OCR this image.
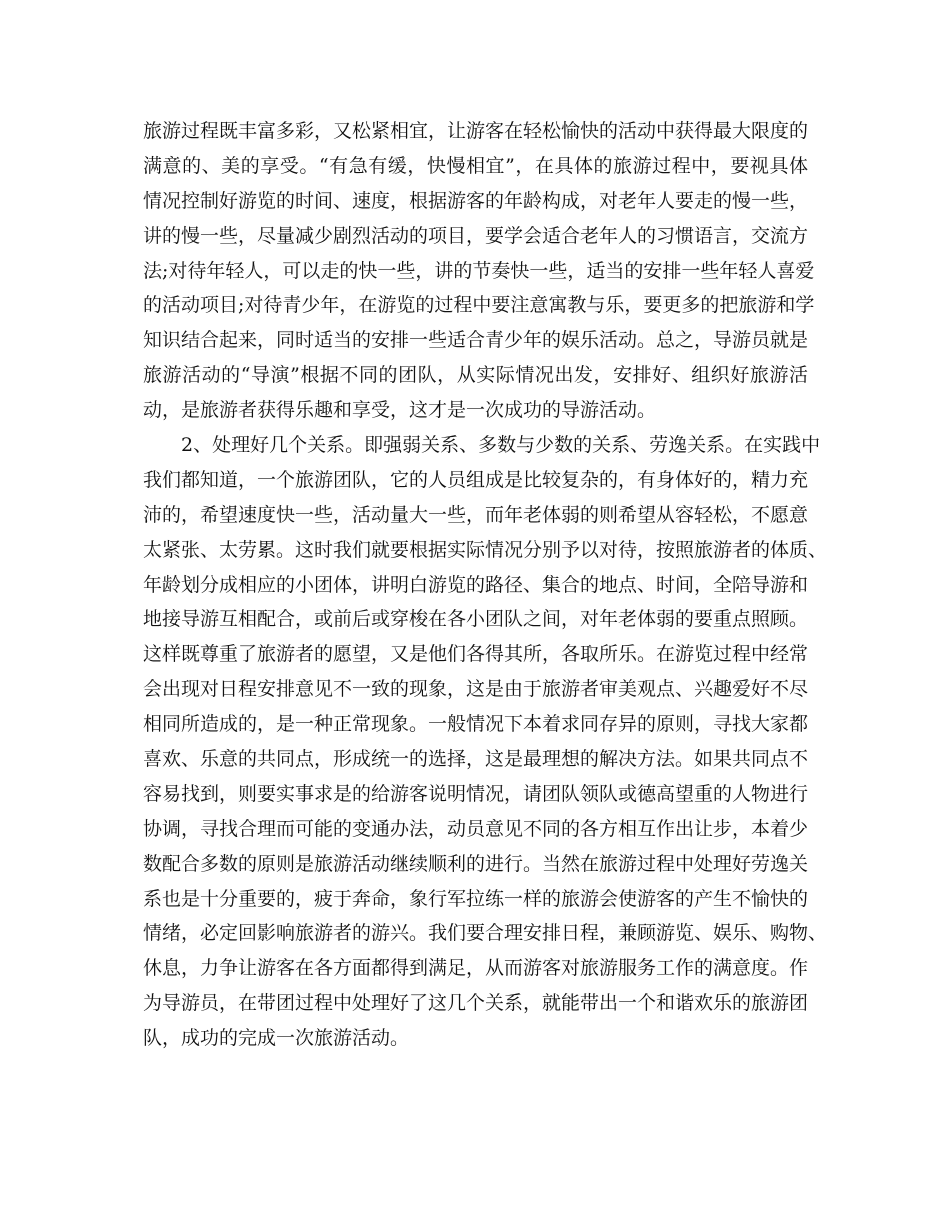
旅游过程既丰富多彩，又松紧相宜，让游客在轻松愉快的活动中获得最大限度的
满意的、美的享受。“有急有缓，快慢相宜”，在具体的旅游过程中，要视具体
情况控制好游览的时间、速度，根据游客的年龄构成，对老年人要走的慢一些，
讲的慢一些，尽量减少剧烈活动的项目，要学会适合老年人的习惯语言，交流方
法;对待年轻人，可以走的快一些，讲的节奏快一些，适当的安排一些年轻人喜爱
的活动项目;对待青少年，在游览的过程中要注意寓教与乐，要更多的把旅游和学
知识结合起来，同时适当的安排一些适合青少年的娱乐活动。总之，导游员就是
旅游活动的“导演”根据不同的团队，从实际情况出发，安排好、组织好旅游活
动，是旅游者获得乐趣和享受，这才是一次成功的导游活动。
2、处理好几个关系。即强弱关系、多数与少数的关系、劳逸关系。在实践中
我们都知道，一个旅游团队，它的人员组成是比较复杂的，有身体好的，精力充
沛的，希望速度快一些，活动量大一些，而年老体弱的则希望从容轻松，不愿意
太紧张、太劳累。这时我们就要根据实际情况分别予以对待，按照旅游者的体质、
年龄划分成相应的小团体，讲明白游览的路径、集合的地点、时间，全陪导游和
地接导游互相配合，或前后或穿梭在各小团队之间，对年老体弱的要重点照顾。
这样既尊重了旅游者的愿望，又是他们各得其所，各取所乐。在游览过程中经常
会出现对日程安排意见不一致的现象，这是由于旅游者审美观点、兴趣爱好不尽
相同所造成的，是一种正常现象。一般情况下本着求同存异的原则，寻找大家都
喜欢、乐意的共同点，形成统一的选择，这是最理想的解决方法。如果共同点不
容易找到，则要实事求是的给游客说明情况，请团队领队或德高望重的人物进行
协调，寻找合理而可能的变通办法，动员意见不同的各方相互作出让步，本着少
数配合多数的原则是旅游活动继续顺利的进行。当然在旅游过程中处理好劳逸关
系也是十分重要的，疲于奔命，象行军拉练一样的旅游会使游客的产生不愉快的
情绪，必定回影响旅游者的游兴。我们要合理安排日程，兼顾游览、娱乐、购物、
休息，力争让游客在各方面都得到满足，从而游客对旅游服务工作的满意度。作
为导游员，在带团过程中处理好了这几个关系，就能带出一个和谐欢乐的旅游团
队，成功的完成一次旅游活动。
